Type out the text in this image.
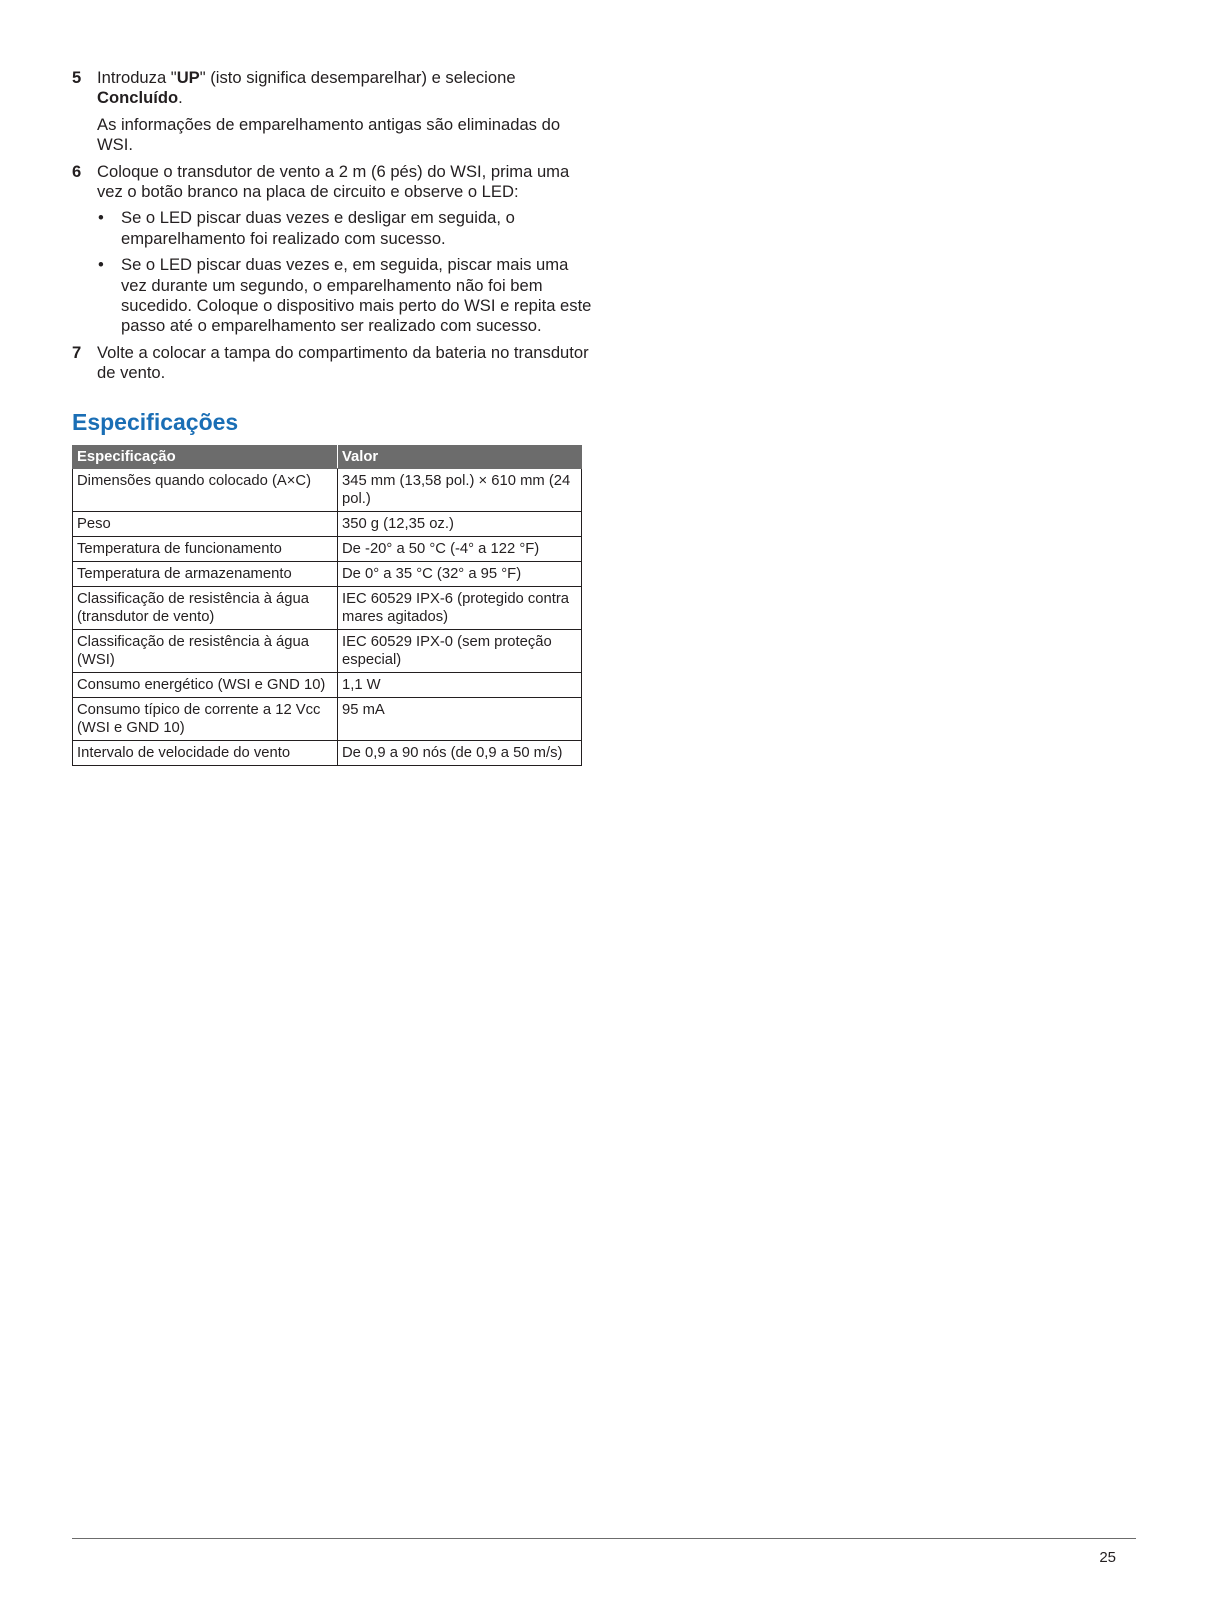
5 Introduza "UP" (isto significa desemparelhar) e selecione Concluído.

As informações de emparelhamento antigas são eliminadas do WSI.

6 Coloque o transdutor de vento a 2 m (6 pés) do WSI, prima uma vez o botão branco na placa de circuito e observe o LED:

• Se o LED piscar duas vezes e desligar em seguida, o emparelhamento foi realizado com sucesso.
• Se o LED piscar duas vezes e, em seguida, piscar mais uma vez durante um segundo, o emparelhamento não foi bem sucedido. Coloque o dispositivo mais perto do WSI e repita este passo até o emparelhamento ser realizado com sucesso.
7 Volte a colocar a tampa do compartimento da bateria no transdutor de vento.

Especificações
Especificação	Valor
Dimensões quando colocado (A×C)	345 mm (13,58 pol.) × 610 mm (24 pol.)
Peso	350 g (12,35 oz.)
Temperatura de funcionamento	De -20° a 50 °C (-4° a 122 °F)
Temperatura de armazenamento	De 0° a 35 °C (32° a 95 °F)
Classificação de resistência à água (transdutor de vento)	IEC 60529 IPX-6 (protegido contra mares agitados)
Classificação de resistência à água (WSI)	IEC 60529 IPX-0 (sem proteção especial)
Consumo energético (WSI e GND 10)	1,1 W
Consumo típico de corrente a 12 Vcc (WSI e GND 10)	95 mA
Intervalo de velocidade do vento	De 0,9 a 90 nós (de 0,9 a 50 m/s)
25
